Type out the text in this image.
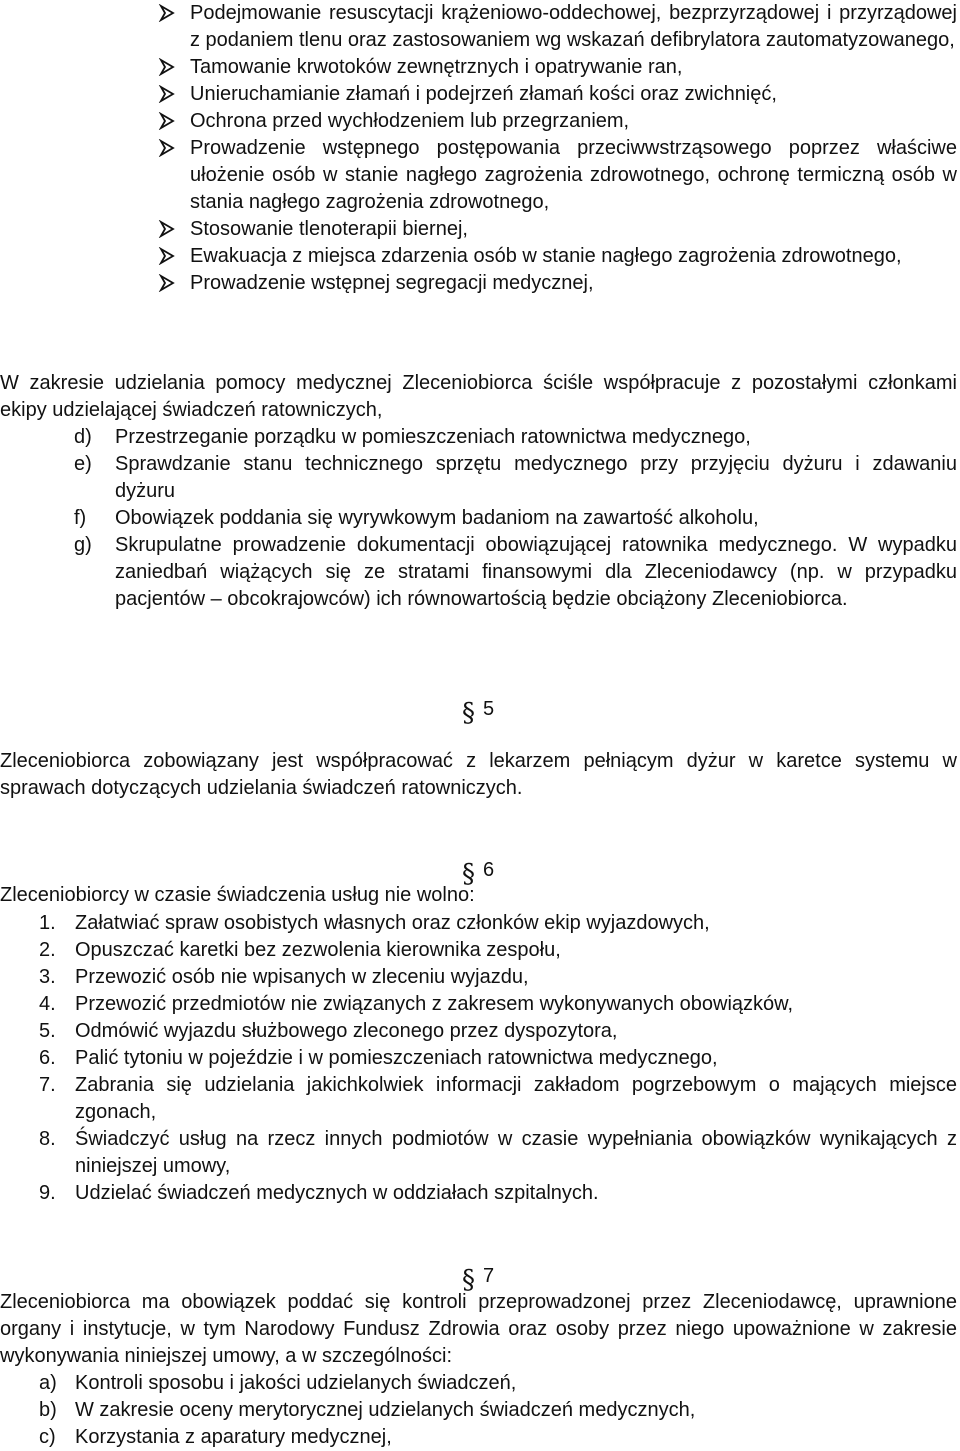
Podejmowanie resuscytacji krążeniowo-oddechowej, bezprzyrządowej i przyrządowej z podaniem tlenu oraz zastosowaniem wg wskazań defibrylatora zautomatyzowanego,
Tamowanie krwotoków zewnętrznych i opatrywanie ran,
Unieruchamianie złamań i podejrzeń złamań kości oraz zwichnięć,
Ochrona przed wychłodzeniem lub przegrzaniem,
Prowadzenie wstępnego postępowania przeciwwstrząsowego poprzez właściwe ułożenie osób w stanie nagłego zagrożenia zdrowotnego, ochronę termiczną osób w stania nagłego zagrożenia zdrowotnego,
Stosowanie tlenoterapii biernej,
Ewakuacja z miejsca zdarzenia osób w stanie nagłego zagrożenia zdrowotnego,
Prowadzenie wstępnej segregacji medycznej,
W zakresie udzielania pomocy medycznej Zleceniobiorca ściśle współpracuje z pozostałymi członkami ekipy udzielającej świadczeń ratowniczych,
d) Przestrzeganie porządku w pomieszczeniach ratownictwa medycznego,
e) Sprawdzanie stanu technicznego sprzętu medycznego przy przyjęciu dyżuru i zdawaniu dyżuru
f) Obowiązek poddania się wyrywkowym badaniom na zawartość alkoholu,
g) Skrupulatne prowadzenie dokumentacji obowiązującej ratownika medycznego. W wypadku zaniedbań wiążących się ze stratami finansowymi dla Zleceniodawcy (np. w przypadku pacjentów – obcokrajowców) ich równowartością będzie obciążony Zleceniobiorca.
§ 5
Zleceniobiorca zobowiązany jest współpracować z lekarzem pełniącym dyżur w karetce systemu w sprawach dotyczących udzielania świadczeń ratowniczych.
§ 6
Zleceniobiorcy w czasie świadczenia usług nie wolno:
1. Załatwiać spraw osobistych własnych oraz członków ekip wyjazdowych,
2. Opuszczać karetki bez zezwolenia kierownika zespołu,
3. Przewozić osób nie wpisanych w zleceniu wyjazdu,
4. Przewozić przedmiotów nie związanych z zakresem wykonywanych obowiązków,
5. Odmówić wyjazdu służbowego zleconego przez dyspozytora,
6. Palić tytoniu w pojeździe i w pomieszczeniach ratownictwa medycznego,
7. Zabrania się udzielania jakichkolwiek informacji zakładom pogrzebowym o mających miejsce zgonach,
8. Świadczyć usług na rzecz innych podmiotów w czasie wypełniania obowiązków wynikających z niniejszej umowy,
9. Udzielać świadczeń medycznych w oddziałach szpitalnych.
§ 7
Zleceniobiorca ma obowiązek poddać się kontroli przeprowadzonej przez Zleceniodawcę, uprawnione organy i instytucje, w tym Narodowy Fundusz Zdrowia oraz osoby przez niego upoważnione w zakresie wykonywania niniejszej umowy, a w szczególności:
a) Kontroli sposobu i jakości udzielanych świadczeń,
b) W zakresie oceny merytorycznej udzielanych świadczeń medycznych,
c) Korzystania z aparatury medycznej,
